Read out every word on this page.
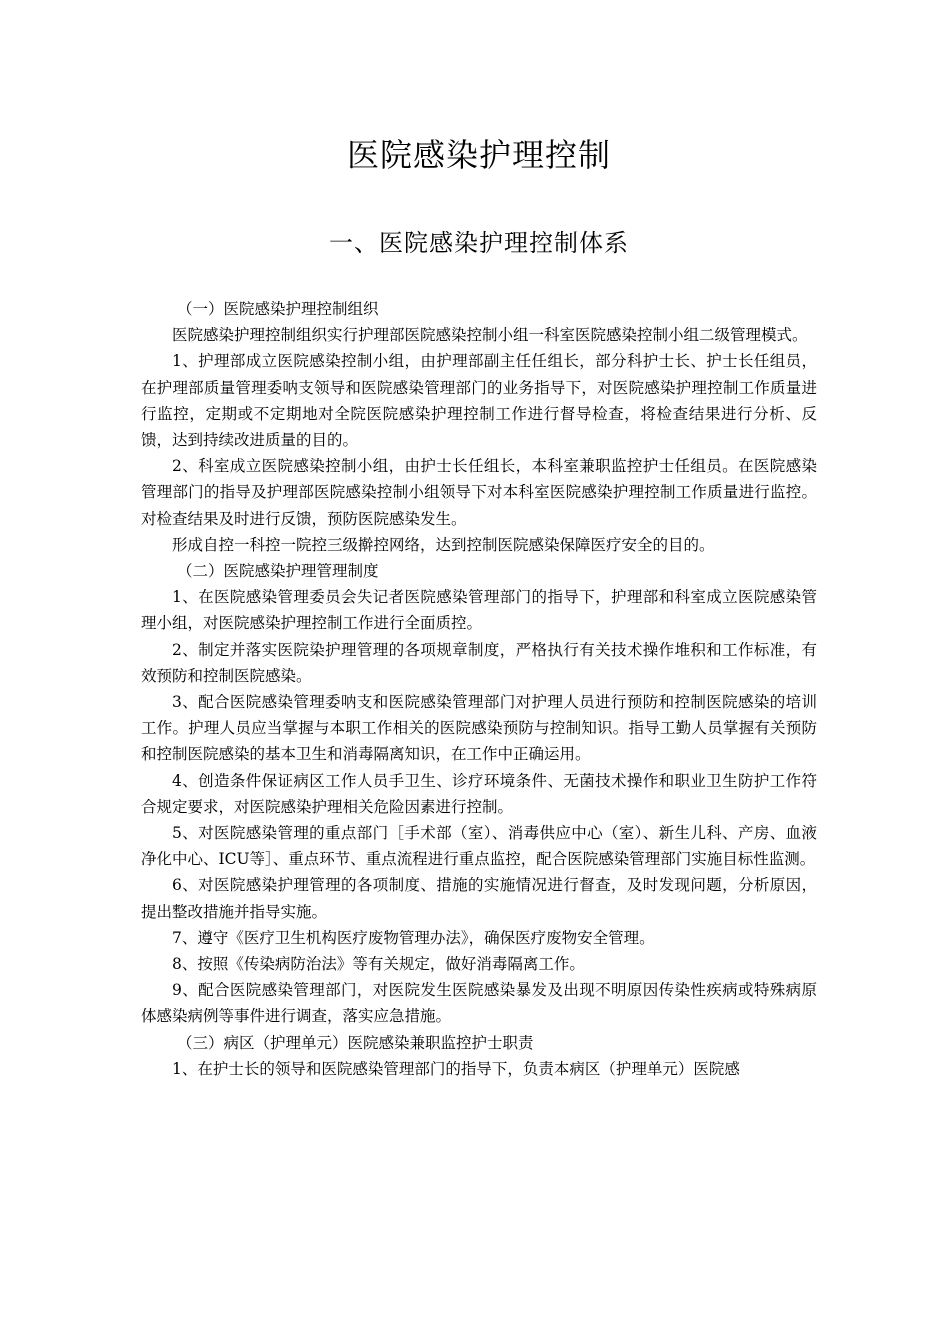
医院感染护理控制
一、医院感染护理控制体系

（一）医院感染护理控制组织

医院感染护理控制组织实行护理部医院感染控制小组一科室医院感染控制小组二级管理模式。

1、护理部成立医院感染控制小组，由护理部副主任任组长，部分科护士长、护士长任组员，在护理部质量管理委呐支领导和医院感染管理部门的业务指导下，对医院感染护理控制工作质量进行监控，定期或不定期地对全院医院感染护理控制工作进行督导检查，将检查结果进行分析、反馈，达到持续改进质量的目的。

2、科室成立医院感染控制小组，由护士长任组长，本科室兼职监控护士任组员。在医院感染管理部门的指导及护理部医院感染控制小组领导下对本科室医院感染护理控制工作质量进行监控。对检查结果及时进行反馈，预防医院感染发生。

形成自控一科控一院控三级擀控网络，达到控制医院感染保障医疗安全的目的。

（二）医院感染护理管理制度

1、在医院感染管理委员会失记者医院感染管理部门的指导下，护理部和科室成立医院感染管理小组，对医院感染护理控制工作进行全面质控。

2、制定并落实医院染护理管理的各项规章制度，严格执行有关技术操作堆积和工作标准，有效预防和控制医院感染。

3、配合医院感染管理委呐支和医院感染管理部门对护理人员进行预防和控制医院感染的培训工作。护理人员应当掌握与本职工作相关的医院感染预防与控制知识。指导工勤人员掌握有关预防和控制医院感染的基本卫生和消毒隔离知识，在工作中正确运用。

4、创造条件保证病区工作人员手卫生、诊疗环境条件、无菌技术操作和职业卫生防护工作符合规定要求，对医院感染护理相关危险因素进行控制。

5、对医院感染管理的重点部门［手术部（室）、消毒供应中心（室）、新生儿科、产房、血液净化中心、ICU等］、重点环节、重点流程进行重点监控，配合医院感染管理部门实施目标性监测。

6、对医院感染护理管理的各项制度、措施的实施情况进行督查，及时发现问题，分析原因，提出整改措施并指导实施。

7、遵守《医疗卫生机构医疗废物管理办法》，确保医疗废物安全管理。

8、按照《传染病防治法》等有关规定，做好消毒隔离工作。

9、配合医院感染管理部门，对医院发生医院感染暴发及出现不明原因传染性疾病或特殊病原体感染病例等事件进行调查，落实应急措施。

（三）病区（护理单元）医院感染兼职监控护士职责

1、在护士长的领导和医院感染管理部门的指导下，负责本病区（护理单元）医院感
